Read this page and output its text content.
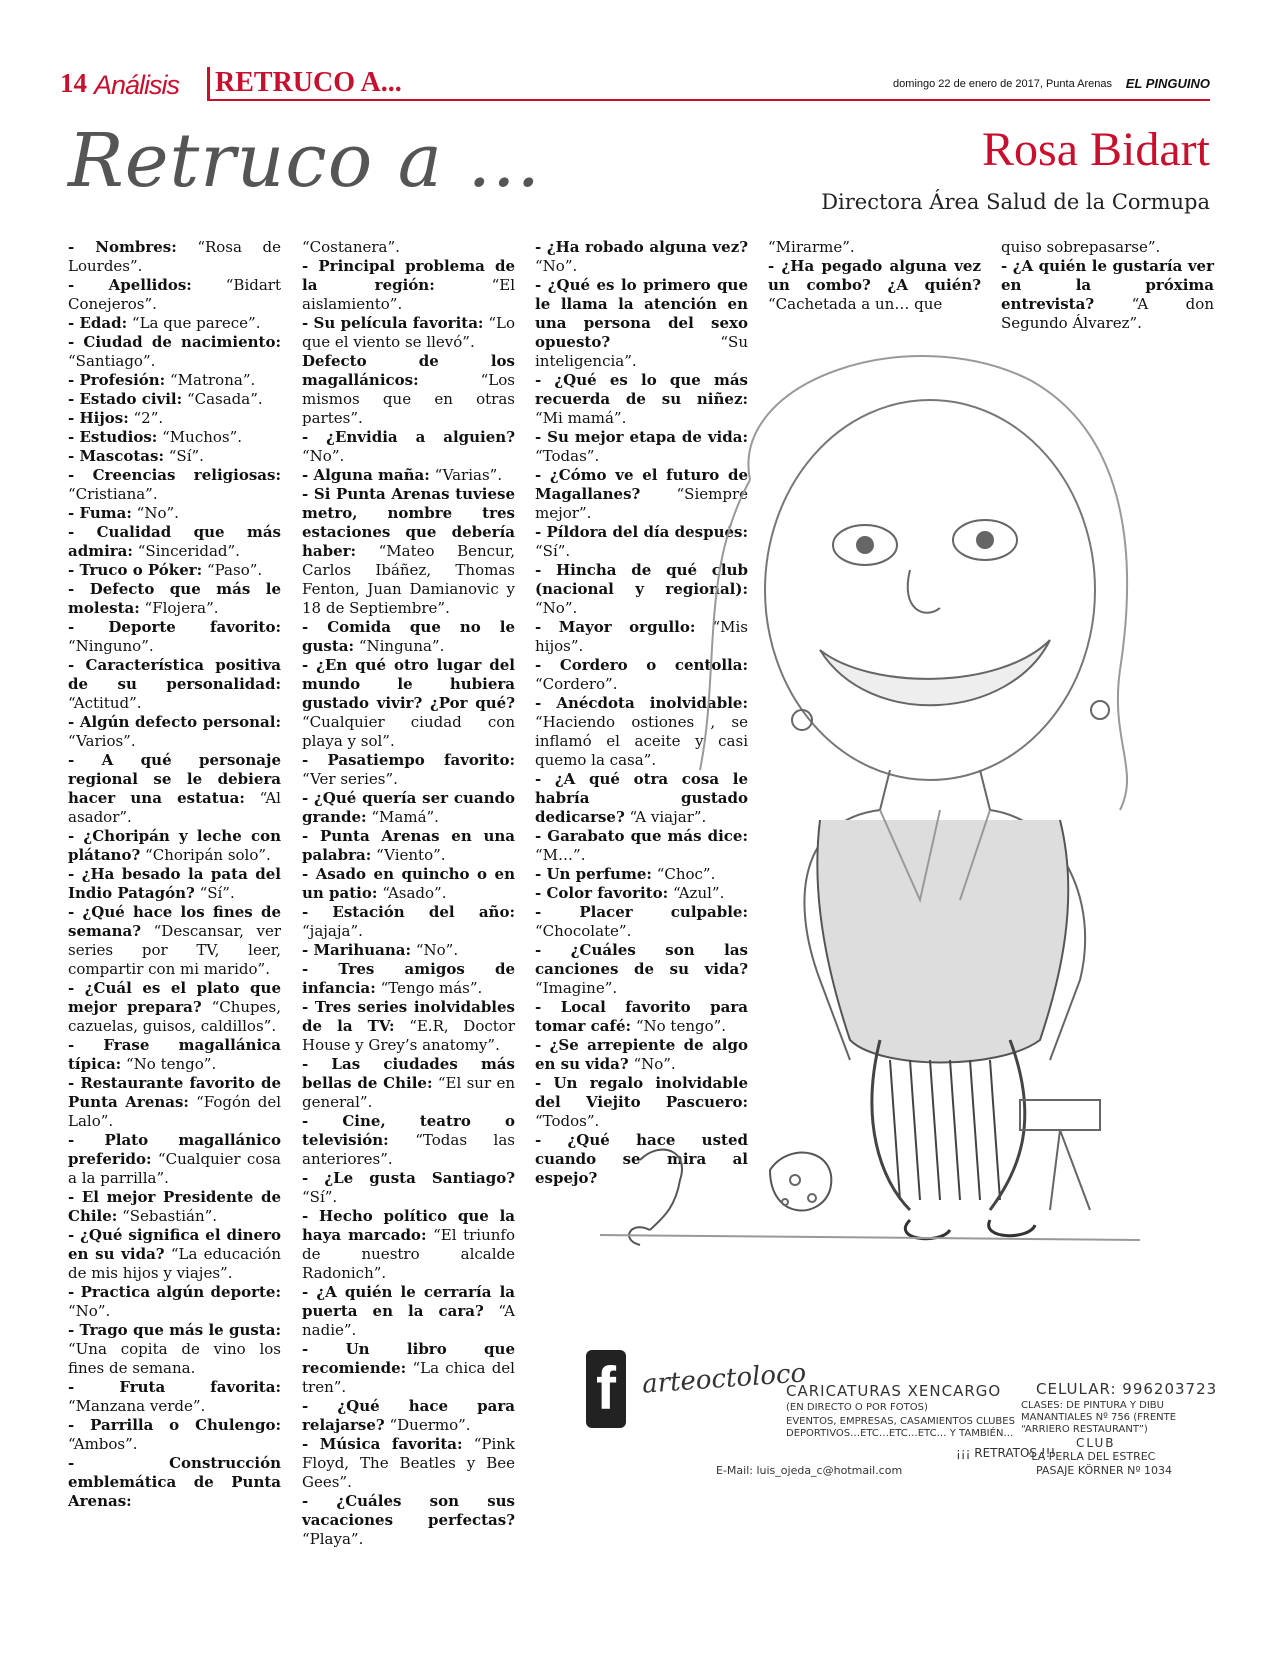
14 Análisis RETRUCO A...	domingo 22 de enero de 2017, Punta Arenas EL PINGUINO
Retruco a ...	Rosa Bidart
Directora Área Salud de la Cormupa

- Nombres: “Rosa de Lourdes”.

- Apellidos: “Bidart Conejeros”.

- Edad: “La que parece”.

- Ciudad de nacimiento: “Santiago”.

- Profesión: “Matrona”.

- Estado civil: “Casada”.

- Hijos: “2”.

- Estudios: “Muchos”.

- Mascotas: “Sí”.

- Creencias religiosas: “Cristiana”.

- Fuma: “No”.

- Cualidad que más admira: “Sinceridad”.

- Truco o Póker: “Paso”.

- Defecto que más le molesta: “Flojera”.

- Deporte favorito: “Ninguno”.

- Característica positiva de su personalidad: “Actitud”.

- Algún defecto personal: “Varios”.

- A qué personaje regional se le debiera hacer una estatua: “Al asador”.

- ¿Choripán y leche con plátano? “Choripán solo”.

- ¿Ha besado la pata del Indio Patagón? “Sí”.

- ¿Qué hace los fines de semana? “Descansar, ver series por TV, leer, compartir con mi marido”.

- ¿Cuál es el plato que mejor prepara? “Chupes, cazuelas, guisos, caldillos”.

- Frase magallánica típica: “No tengo”.

- Restaurante favorito de Punta Arenas: “Fogón del Lalo”.

- Plato magallánico preferido: “Cualquier cosa a la parrilla”.

- El mejor Presidente de Chile: “Sebastián”.

- ¿Qué significa el dinero en su vida? “La educación de mis hijos y viajes”.

- Practica algún deporte: “No”.

- Trago que más le gusta: “Una copita de vino los fines de semana.

- Fruta favorita: “Manzana verde”.

- Parrilla o Chulengo: “Ambos”.

- Construcción emblemática de Punta Arenas:

“Costanera”.

- Principal problema de la región:	“El aislamiento”.

- Su película favorita: “Lo que el viento se llevó”.

Defecto de los magallánicos:	“Los mismos que en otras partes”.

- ¿Envidia a alguien? “No”.

- Alguna maña: “Varias”.

- Si Punta Arenas tuviese metro, nombre tres estaciones que debería haber: “Mateo Bencur, Carlos Ibáñez, Thomas Fenton, Juan Damianovic y 18 de Septiembre”.

- Comida que no le gusta: “Ninguna”.

- ¿En qué otro lugar del mundo le hubiera gustado vivir? ¿Por qué? “Cualquier ciudad con playa y sol”.

- Pasatiempo favorito: “Ver series”.

- ¿Qué quería ser cuando grande: “Mamá”.

- Punta Arenas en una palabra: “Viento”.

- Asado en quincho o en un patio: “Asado”.

- Estación del año: “jajaja”.

- Marihuana: “No”.

- Tres amigos de infancia: “Tengo más”.

- Tres series inolvidables de la TV: “E.R, Doctor House y Grey’s anatomy”.

- Las ciudades más bellas de Chile: “El sur en general”.

- Cine, teatro o televisión: “Todas las anteriores”.

- ¿Le gusta Santiago? “Sí”.

- Hecho político que la haya marcado: “El triunfo de nuestro alcalde Radonich”.

- ¿A quién le cerraría la puerta en la cara? “A nadie”.

- Un libro que recomiende: “La chica del tren”.

- ¿Qué hace para relajarse? “Duermo”.

- Música favorita: “Pink Floyd, The Beatles y Bee Gees”.

- ¿Cuáles son sus vacaciones perfectas? “Playa”.

- ¿Ha robado alguna vez? “No”.

- ¿Qué es lo primero que le llama la atención en una persona del sexo opuesto?	“Su inteligencia”.

- ¿Qué es lo que más recuerda de su niñez: “Mi mamá”.

- Su mejor etapa de vida: “Todas”.

- ¿Cómo ve el futuro de Magallanes? “Siempre mejor”.

- Píldora del día después: “Sí”.

- Hincha de qué club (nacional y regional): “No”.

- Mayor orgullo: “Mis hijos”.

- Cordero o centolla: “Cordero”.

- Anécdota inolvidable: “Haciendo ostiones , se inflamó el aceite y casi quemo la casa”.

- ¿A qué otra cosa le habría gustado dedicarse? “A viajar”.

- Garabato que más dice: “M…”.

- Un perfume: “Choc”.

- Color favorito: “Azul”.

- Placer culpable: “Chocolate”.

- ¿Cuáles son las canciones de su vida? “Imagine”.

- Local favorito para tomar café: “No tengo”.

- ¿Se arrepiente de algo en su vida? “No”.

- Un regalo inolvidable del Viejito Pascuero: “Todos”.

- ¿Qué hace usted cuando se mira al espejo?

“Mirarme”.

- ¿Ha pegado alguna vez un combo? ¿A quién? “Cachetada a un… que

quiso sobrepasarse”.

- ¿A quién le gustaría ver en la próxima entrevista?	“A don Segundo Álvarez”.

f arteoctoloco
CARICATURAS XENCARGO
(EN DIRECTO O POR FOTOS)
EVENTOS, EMPRESAS, CASAMIENTOS CLUBES DEPORTIVOS…ETC…ETC…ETC… Y TAMBIÉN…
¡¡¡ RETRATOS !!!
E-Mail: luis_ojeda_c@hotmail.com
CELULAR: 996203723
CLASES: DE PINTURA Y DIBU MANANTIALES Nº 756 (FRENTE “ARRIERO RESTAURANT”)
CLUB
“LA PERLA DEL ESTREC
PASAJE KÖRNER Nº 1034
